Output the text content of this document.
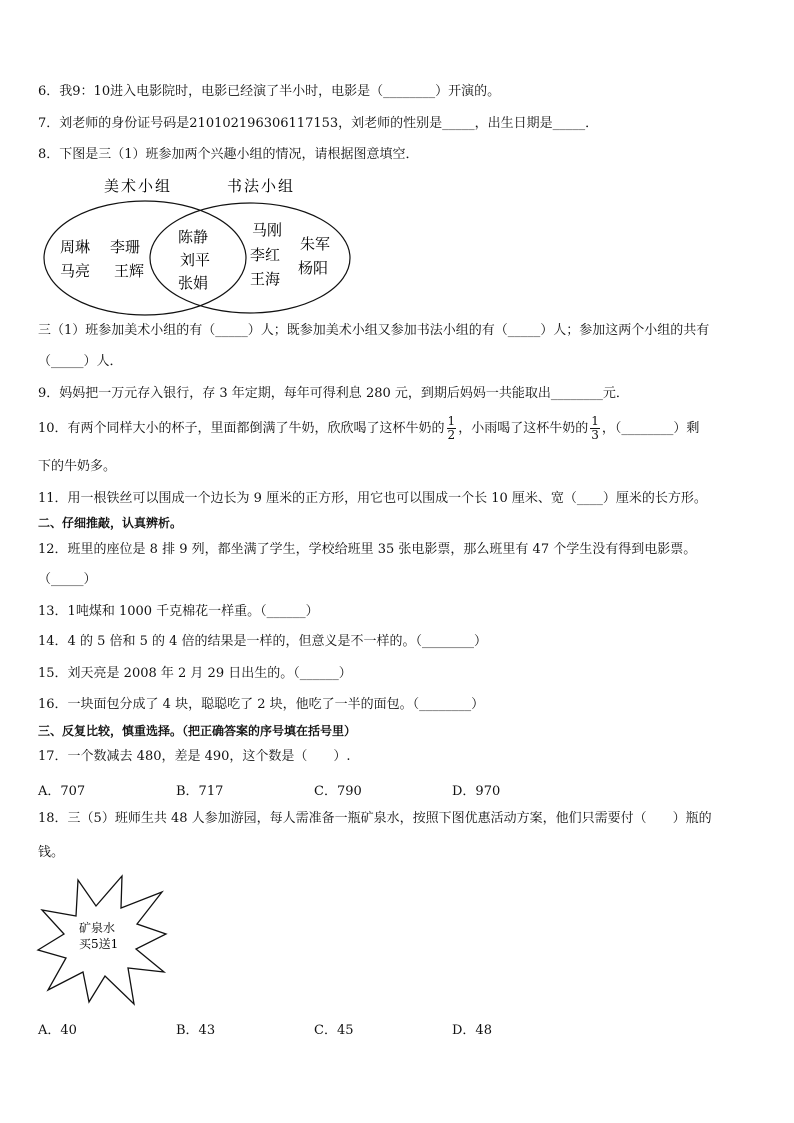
6．我9：10进入电影院时，电影已经演了半小时，电影是（________）开演的。
7．刘老师的身份证号码是210102196306117153，刘老师的性别是_____，出生日期是_____．
8．下图是三（1）班参加两个兴趣小组的情况，请根据图意填空．
美术小组	书法小组
周琳 李珊
马亮 王辉
陈静
刘平
张娟
马刚
朱军
李红
杨阳
王海
三（1）班参加美术小组的有（_____）人；既参加美术小组又参加书法小组的有（_____）人；参加这两个小组的共有
（_____）人．
9．妈妈把一万元存入银行，存 3 年定期，每年可得利息 280 元，到期后妈妈一共能取出________元．
10．有两个同样大小的杯子，里面都倒满了牛奶，欣欣喝了这杯牛奶的 $\frac{1}{2}$ ，小雨喝了这杯牛奶的 $\frac{1}{3}$ ，（________）剩
下的牛奶多。
11．用一根铁丝可以围成一个边长为 9 厘米的正方形，用它也可以围成一个长 10 厘米、宽（____）厘米的长方形。
二、仔细推敲，认真辨析。
12．班里的座位是 8 排 9 列，都坐满了学生，学校给班里 35 张电影票，那么班里有 47 个学生没有得到电影票。
（_____）
13．1吨煤和 1000 千克棉花一样重。（______）
14．4 的 5 倍和 5 的 4 倍的结果是一样的，但意义是不一样的。（________）
15．刘天亮是 2008 年 2 月 29 日出生的。（______）
16．一块面包分成了 4 块，聪聪吃了 2 块，他吃了一半的面包。（________）
三、反复比较，慎重选择。（把正确答案的序号填在括号里）
17．一个数减去 480，差是 490，这个数是（　　）.
A．707	B．717	C．790	D．970
18．三（5）班师生共 48 人参加游园，每人需准备一瓶矿泉水，按照下图优惠活动方案，他们只需要付（　　）瓶的
钱。
矿泉水
买5送1
A．40	B．43	C．45	D．48
